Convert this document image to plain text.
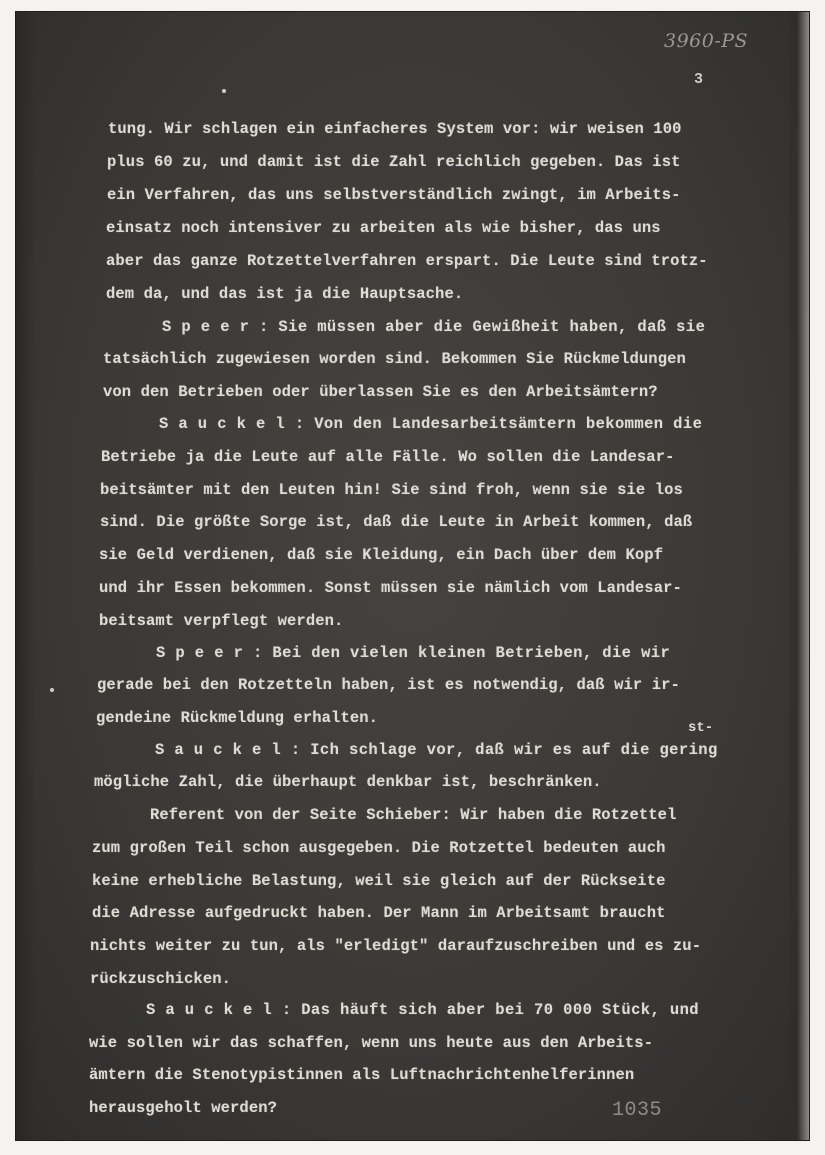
3960-PS
3
tung. Wir schlagen ein einfacheres System vor: wir weisen 100
plus 60 zu, und damit ist die Zahl reichlich gegeben. Das ist
ein Verfahren, das uns selbstverständlich zwingt, im Arbeits-
einsatz noch intensiver zu arbeiten als wie bisher, das uns
aber das ganze Rotzettelverfahren erspart. Die Leute sind trotz-
dem da, und das ist ja die Hauptsache.
S p e e r : Sie müssen aber die Gewißheit haben, daß sie
tatsächlich zugewiesen worden sind. Bekommen Sie Rückmeldungen
von den Betrieben oder überlassen Sie es den Arbeitsämtern?
S a u c k e l : Von den Landesarbeitsämtern bekommen die
Betriebe ja die Leute auf alle Fälle. Wo sollen die Landesar-
beitsämter mit den Leuten hin! Sie sind froh, wenn sie sie los
sind. Die größte Sorge ist, daß die Leute in Arbeit kommen, daß
sie Geld verdienen, daß sie Kleidung, ein Dach über dem Kopf
und ihr Essen bekommen. Sonst müssen sie nämlich vom Landesar-
beitsamt verpflegt werden.
S p e e r : Bei den vielen kleinen Betrieben, die wir
gerade bei den Rotzetteln haben, ist es notwendig, daß wir ir-
gendeine Rückmeldung erhalten.
st-
S a u c k e l : Ich schlage vor, daß wir es auf die gering
mögliche Zahl, die überhaupt denkbar ist, beschränken.
Referent von der Seite Schieber: Wir haben die Rotzettel
zum großen Teil schon ausgegeben. Die Rotzettel bedeuten auch
keine erhebliche Belastung, weil sie gleich auf der Rückseite
die Adresse aufgedruckt haben. Der Mann im Arbeitsamt braucht
nichts weiter zu tun, als "erledigt" daraufzuschreiben und es zu-
rückzuschicken.
S a u c k e l : Das häuft sich aber bei 70 000 Stück, und
wie sollen wir das schaffen, wenn uns heute aus den Arbeits-
ämtern die Stenotypistinnen als Luftnachrichtenhelferinnen
herausgeholt werden?	1035
